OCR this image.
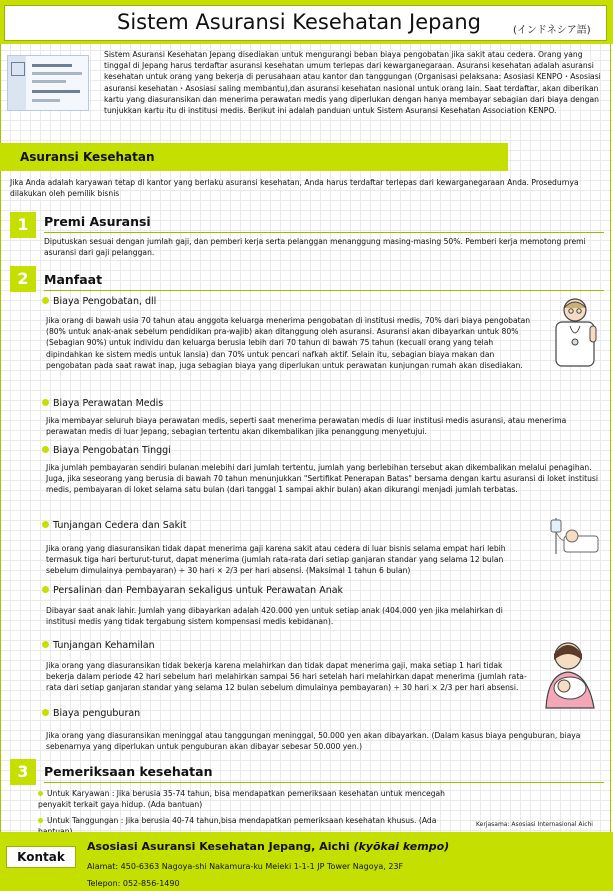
Sistem Asuransi Kesehatan Jepang	(インドネシア語)
Sistem Asuransi Kesehatan Jepang disediakan untuk mengurangi beban biaya pengobatan jika sakit atau cedera. Orang yang tinggal di Jepang harus terdaftar asuransi kesehatan umum terlepas dari kewarganegaraan. Asuransi kesehatan adalah asuransi kesehatan untuk orang yang bekerja di perusahaan atau kantor dan tanggungan (Organisasi pelaksana: Asosiasi KENPO・Asosiasi asuransi kesehatan・Asosiasi saling membantu),dan asuransi kesehatan nasional untuk orang lain. Saat terdaftar, akan diberikan kartu yang diasuransikan dan menerima perawatan medis yang diperlukan dengan hanya membayar sebagian dari biaya dengan tunjukkan kartu itu di institusi medis. Berikut ini adalah panduan untuk Sistem Asuransi Kesehatan Association KENPO.
Asuransi Kesehatan
Jika Anda adalah karyawan tetap di kantor yang berlaku asuransi kesehatan, Anda harus terdaftar terlepas dari kewarganegaraan Anda. Prosedurnya dilakukan oleh pemilik bisnis
1	Premi Asuransi
Diputuskan sesuai dengan jumlah gaji, dan pemberi kerja serta pelanggan menanggung masing-masing 50%. Pemberi kerja memotong premi asuransi dari gaji pelanggan.
2	Manfaat
Biaya Pengobatan, dll
Jika orang di bawah usia 70 tahun atau anggota keluarga menerima pengobatan di institusi medis, 70% dari biaya pengobatan (80% untuk anak-anak sebelum pendidikan pra-wajib) akan ditanggung oleh asuransi. Asuransi akan dibayarkan untuk 80% (Sebagian 90%) untuk individu dan keluarga berusia lebih dari 70 tahun di bawah 75 tahun (kecuali orang yang telah dipindahkan ke sistem medis untuk lansia) dan 70% untuk pencari nafkah aktif. Selain itu, sebagian biaya makan dan pengobatan pada saat rawat inap, juga sebagian biaya yang diperlukan untuk perawatan kunjungan rumah akan disediakan.
Biaya Perawatan Medis
Jika membayar seluruh biaya perawatan medis, seperti saat menerima perawatan medis di luar institusi medis asuransi, atau menerima perawatan medis di luar Jepang, sebagian tertentu akan dikembalikan jika penanggung menyetujui.
Biaya Pengobatan Tinggi
Jika jumlah pembayaran sendiri bulanan melebihi dari jumlah tertentu, jumlah yang berlebihan tersebut akan dikembalikan melalui penagihan. Juga, jika seseorang yang berusia di bawah 70 tahun menunjukkan "Sertifikat Penerapan Batas" bersama dengan kartu asuransi di loket institusi medis, pembayaran di loket selama satu bulan (dari tanggal 1 sampai akhir bulan) akan dikurangi menjadi jumlah terbatas.
Tunjangan Cedera dan Sakit
Jika orang yang diasuransikan tidak dapat menerima gaji karena sakit atau cedera di luar bisnis selama empat hari lebih termasuk tiga hari berturut-turut, dapat menerima (jumlah rata-rata dari setiap ganjaran standar yang selama 12 bulan sebelum dimulainya pembayaran) ÷ 30 hari × 2/3 per hari absensi. (Maksimal 1 tahun 6 bulan)
Persalinan dan Pembayaran sekaligus untuk Perawatan Anak
Dibayar saat anak lahir. Jumlah yang dibayarkan adalah 420.000 yen untuk setiap anak (404.000 yen jika melahirkan di institusi medis yang tidak tergabung sistem kompensasi medis kebidanan).
Tunjangan Kehamilan
Jika orang yang diasuransikan tidak bekerja karena melahirkan dan tidak dapat menerima gaji, maka setiap 1 hari tidak bekerja dalam periode 42 hari sebelum hari melahirkan sampai 56 hari setelah hari melahirkan dapat menerima (jumlah rata-rata dari setiap ganjaran standar yang selama 12 bulan sebelum dimulainya pembayaran) ÷ 30 hari × 2/3 per hari absensi.
Biaya penguburan
Jika orang yang diasuransikan meninggal atau tanggungan meninggal, 50.000 yen akan dibayarkan. (Dalam kasus biaya penguburan, biaya sebenarnya yang diperlukan untuk penguburan akan dibayar sebesar 50.000 yen.)
3	Pemeriksaan kesehatan
Untuk Karyawan : Jika berusia 35-74 tahun, bisa mendapatkan pemeriksaan kesehatan untuk mencegah penyakit terkait gaya hidup. (Ada bantuan)
Untuk Tanggungan : Jika berusia 40-74 tahun,bisa mendapatkan pemeriksaan kesehatan khusus. (Ada	Kerjasama: Asosiasi Internasional Aichi
Kontak
Asosiasi Asuransi Kesehatan Jepang, Aichi (kyōkai kempo)
Alamat: 450-6363 Nagoya-shi Nakamura-ku Meieki 1-1-1 JP Tower Nagoya, 23F
Telepon: 052-856-1490
